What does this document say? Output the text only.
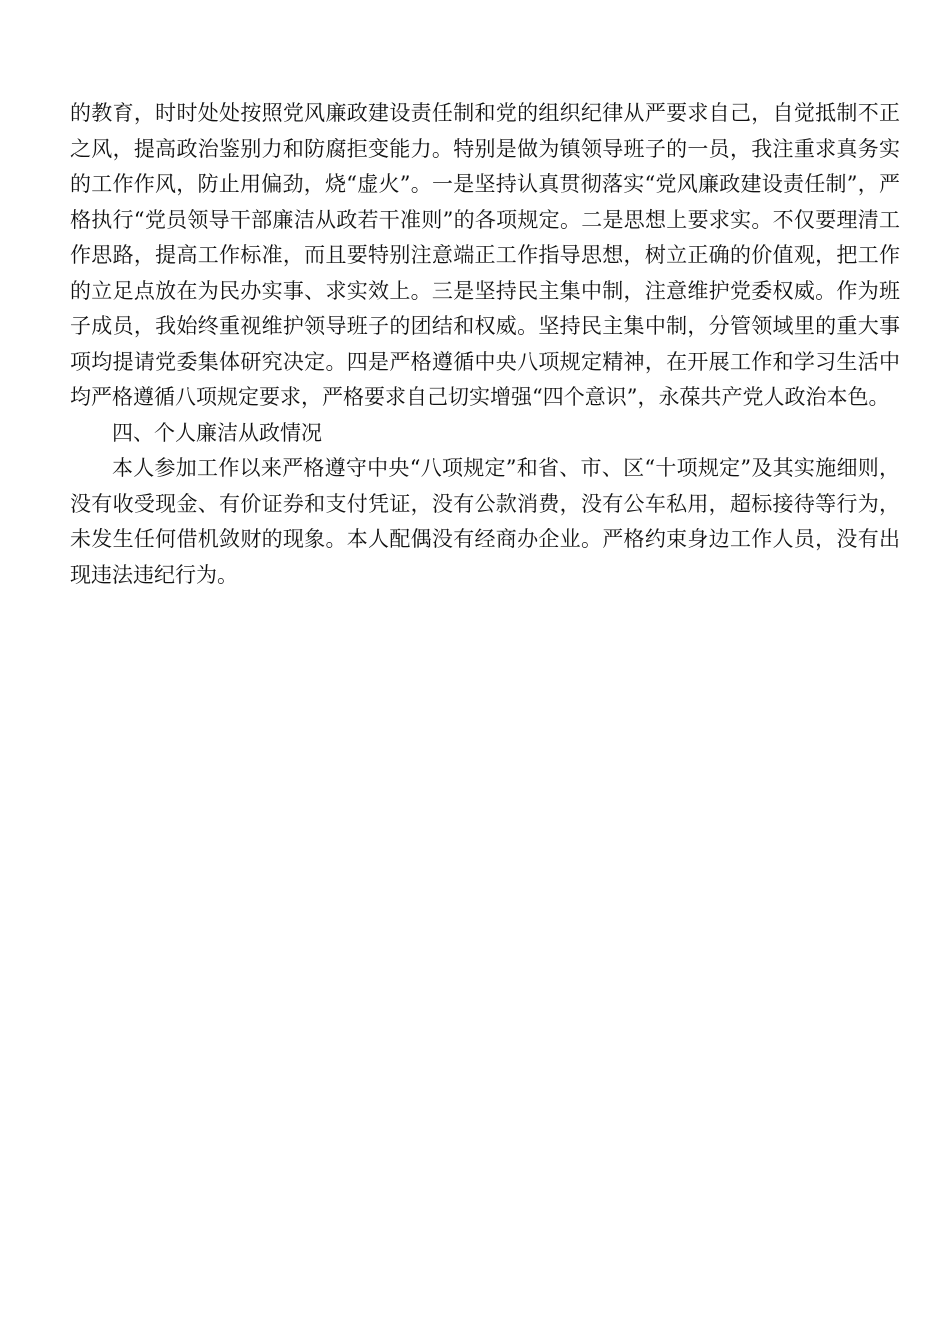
的教育，时时处处按照党风廉政建设责任制和党的组织纪律从严要求自己，自觉抵制不正之风，提高政治鉴别力和防腐拒变能力。特别是做为镇领导班子的一员，我注重求真务实的工作作风，防止用偏劲，烧“虚火”。一是坚持认真贯彻落实“党风廉政建设责任制”，严格执行“党员领导干部廉洁从政若干准则”的各项规定。二是思想上要求实。不仅要理清工作思路，提高工作标准，而且要特别注意端正工作指导思想，树立正确的价值观，把工作的立足点放在为民办实事、求实效上。三是坚持民主集中制，注意维护党委权威。作为班子成员，我始终重视维护领导班子的团结和权威。坚持民主集中制，分管领域里的重大事项均提请党委集体研究决定。四是严格遵循中央八项规定精神，在开展工作和学习生活中均严格遵循八项规定要求，严格要求自己切实增强“四个意识”，永葆共产党人政治本色。

四、个人廉洁从政情况

本人参加工作以来严格遵守中央“八项规定”和省、市、区“十项规定”及其实施细则，没有收受现金、有价证券和支付凭证，没有公款消费，没有公车私用，超标接待等行为，未发生任何借机敛财的现象。本人配偶没有经商办企业。严格约束身边工作人员，没有出现违法违纪行为。
